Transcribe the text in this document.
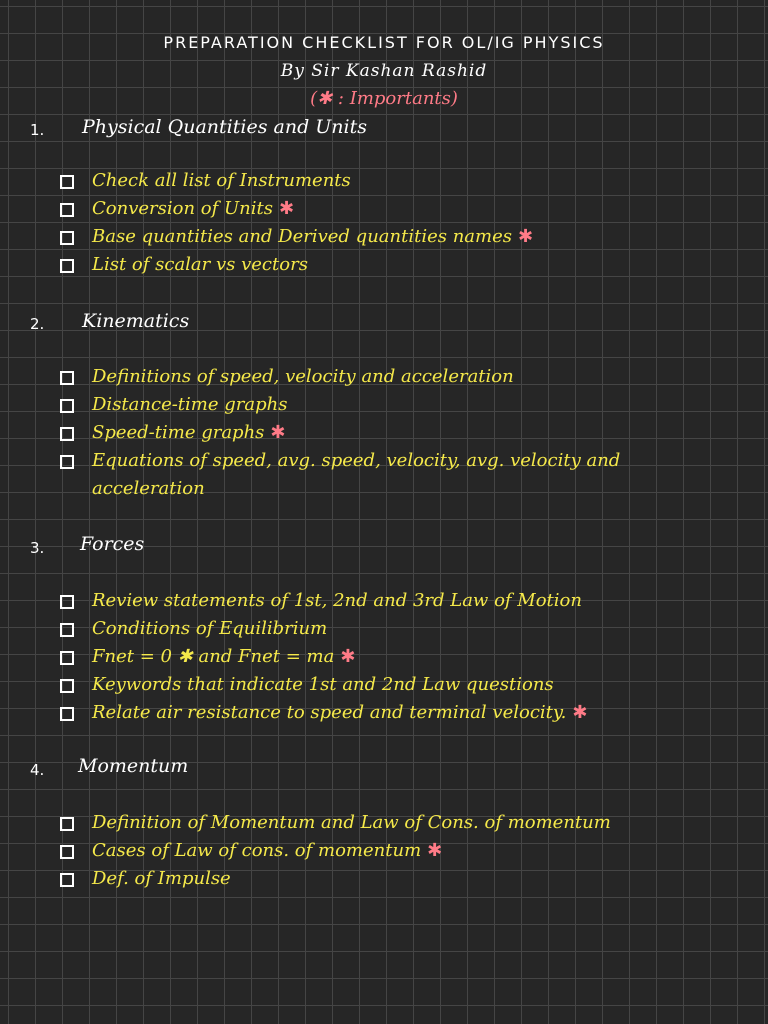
PREPARATION CHECKLIST FOR OL/IG PHYSICS
By Sir Kashan Rashid
(✱ : Importants)
1. Physical Quantities and Units
Check all list of Instruments
Conversion of Units ✱
Base quantities and Derived quantities names ✱
List of scalar vs vectors
2. Kinematics
Definitions of speed, velocity and acceleration
Distance-time graphs
Speed-time graphs ✱
Equations of speed, avg. speed, velocity, avg. velocity and acceleration
3. Forces
Review statements of 1st, 2nd and 3rd Law of Motion
Conditions of Equilibrium
Fnet = 0 ✱ and Fnet = ma ✱
Keywords that indicate 1st and 2nd Law questions
Relate air resistance to speed and terminal velocity. ✱
4. Momentum
Definition of Momentum and Law of Cons. of momentum
Cases of Law of cons. of momentum ✱
Def. of Impulse
